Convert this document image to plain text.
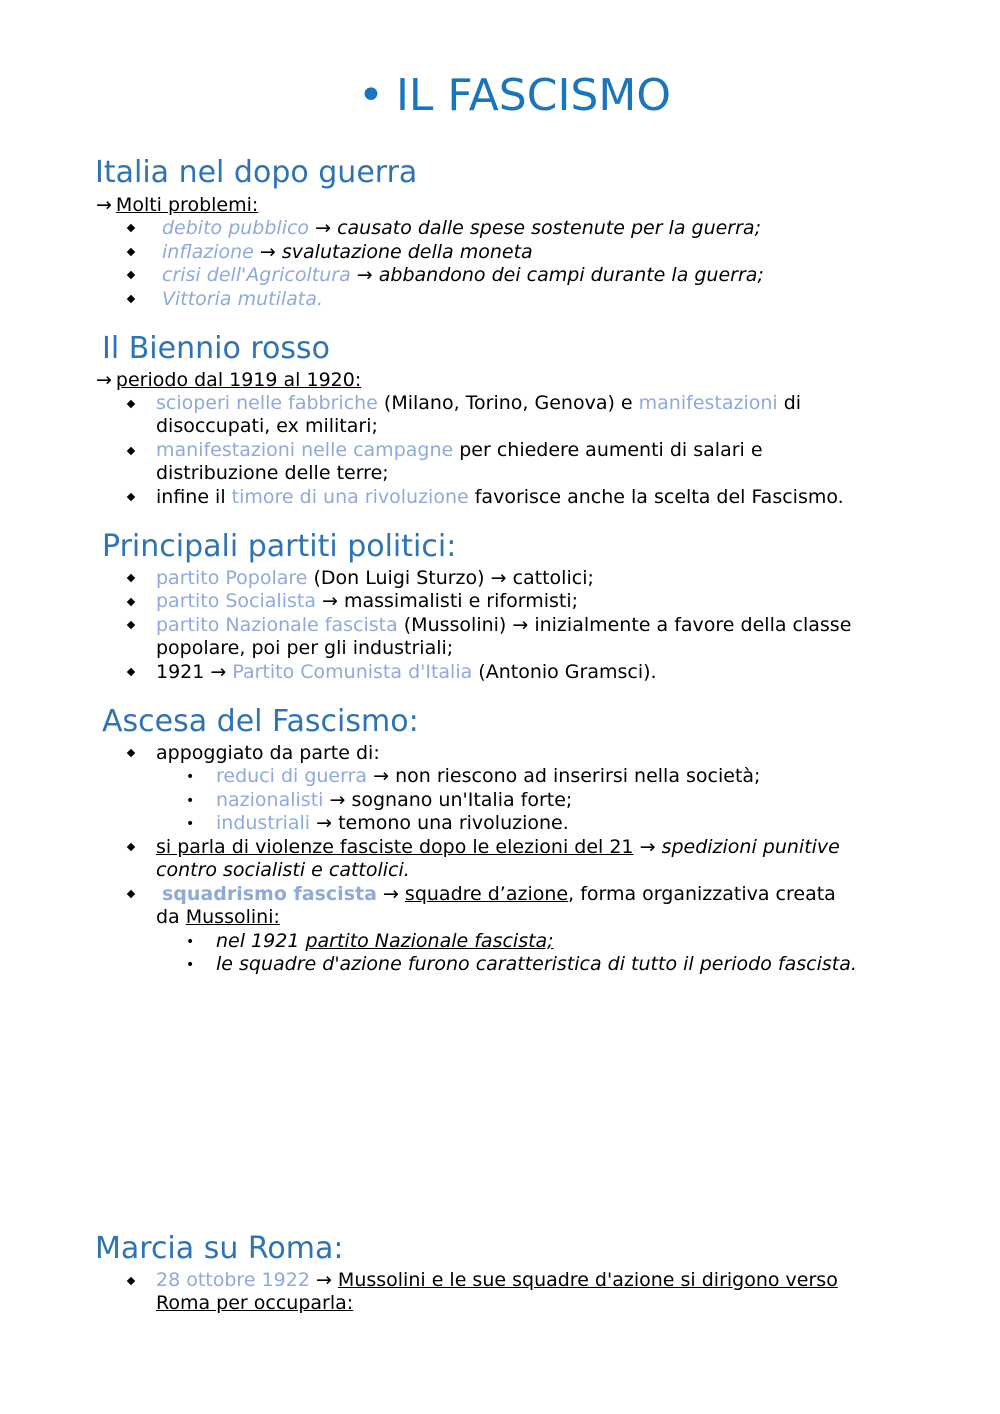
• IL FASCISMO
Italia nel dopo guerra
→ Molti problemi:
debito pubblico → causato dalle spese sostenute per la guerra;
inflazione → svalutazione della moneta
crisi dell'Agricoltura → abbandono dei campi durante la guerra;
Vittoria mutilata.
Il Biennio rosso
→ periodo dal 1919 al 1920:
scioperi nelle fabbriche (Milano, Torino, Genova) e manifestazioni di
disoccupati, ex militari;
manifestazioni nelle campagne per chiedere aumenti di salari e
distribuzione delle terre;
infine il timore di una rivoluzione favorisce anche la scelta del Fascismo.
Principali partiti politici:
partito Popolare (Don Luigi Sturzo) → cattolici;
partito Socialista → massimalisti e riformisti;
partito Nazionale fascista (Mussolini) → inizialmente a favore della classe
popolare, poi per gli industriali;
1921 → Partito Comunista d'Italia (Antonio Gramsci).
Ascesa del Fascismo:
appoggiato da parte di:
• reduci di guerra → non riescono ad inserirsi nella società;
• nazionalisti → sognano un'Italia forte;
• industriali → temono una rivoluzione.
si parla di violenze fasciste dopo le elezioni del 21 → spedizioni punitive
contro socialisti e cattolici.
squadrismo fascista → squadre d’azione, forma organizzativa creata
da Mussolini:
• nel 1921 partito Nazionale fascista;
• le squadre d'azione furono caratteristica di tutto il periodo fascista.
Marcia su Roma:
28 ottobre 1922 → Mussolini e le sue squadre d'azione si dirigono verso
Roma per occuparla:
